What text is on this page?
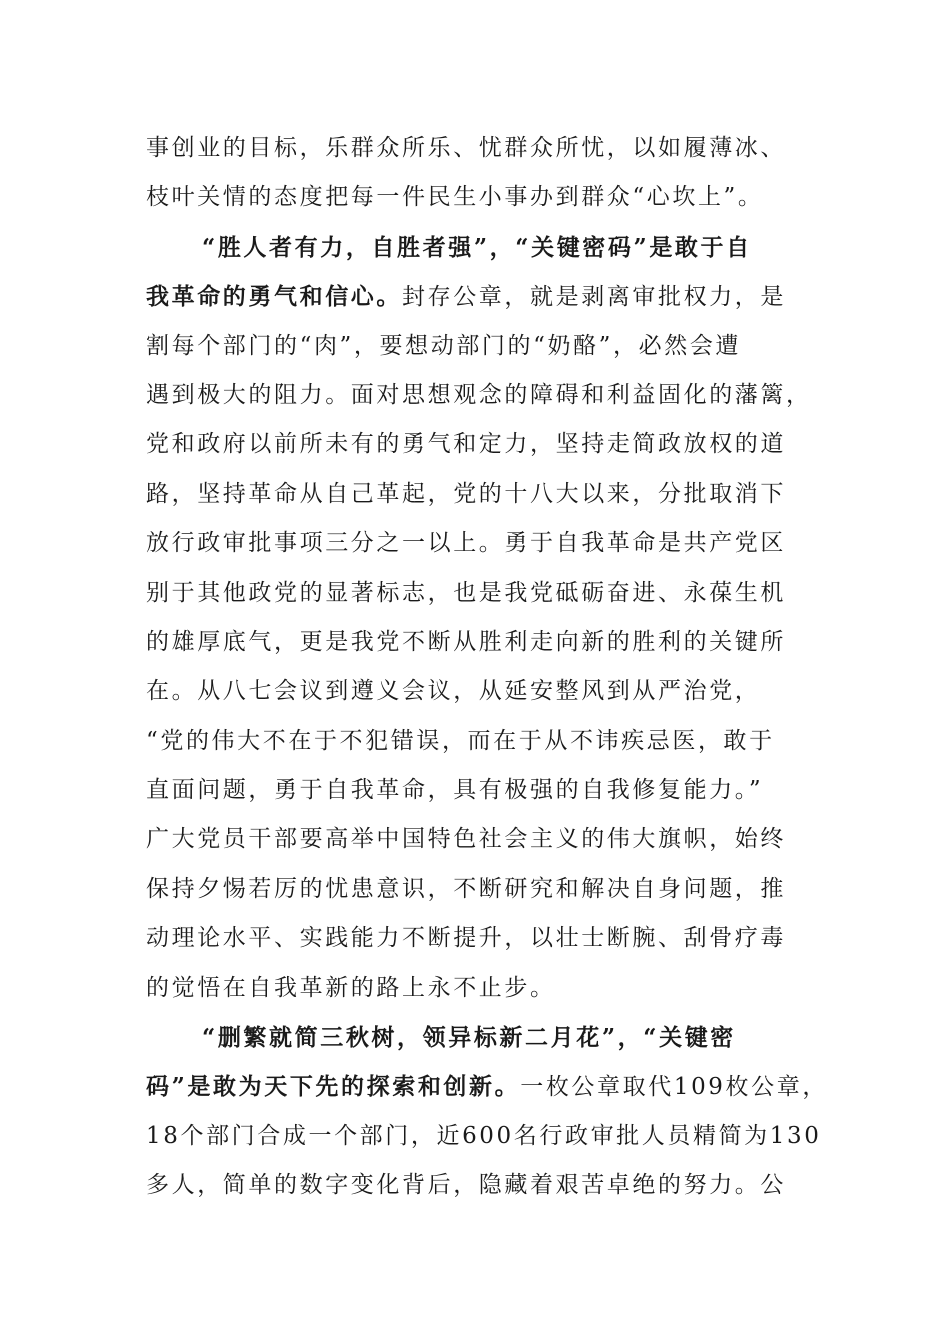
事创业的目标，乐群众所乐、忧群众所忧，以如履薄冰、
枝叶关情的态度把每一件民生小事办到群众“心坎上”。
“胜人者有力，自胜者强”，“关键密码”是敢于自
我革命的勇气和信心。封存公章，就是剥离审批权力，是
割每个部门的“肉”，要想动部门的“奶酪”，必然会遭
遇到极大的阻力。面对思想观念的障碍和利益固化的藩篱，
党和政府以前所未有的勇气和定力，坚持走简政放权的道
路，坚持革命从自己革起，党的十八大以来，分批取消下
放行政审批事项三分之一以上。勇于自我革命是共产党区
别于其他政党的显著标志，也是我党砥砺奋进、永葆生机
的雄厚底气，更是我党不断从胜利走向新的胜利的关键所
在。从八七会议到遵义会议，从延安整风到从严治党，
“党的伟大不在于不犯错误，而在于从不讳疾忌医，敢于
直面问题，勇于自我革命，具有极强的自我修复能力。”
广大党员干部要高举中国特色社会主义的伟大旗帜，始终
保持夕惕若厉的忧患意识，不断研究和解决自身问题，推
动理论水平、实践能力不断提升，以壮士断腕、刮骨疗毒
的觉悟在自我革新的路上永不止步。
“删繁就简三秋树，领异标新二月花”，“关键密
码”是敢为天下先的探索和创新。一枚公章取代109枚公章，
18个部门合成一个部门，近600名行政审批人员精简为130
多人，简单的数字变化背后，隐藏着艰苦卓绝的努力。公
